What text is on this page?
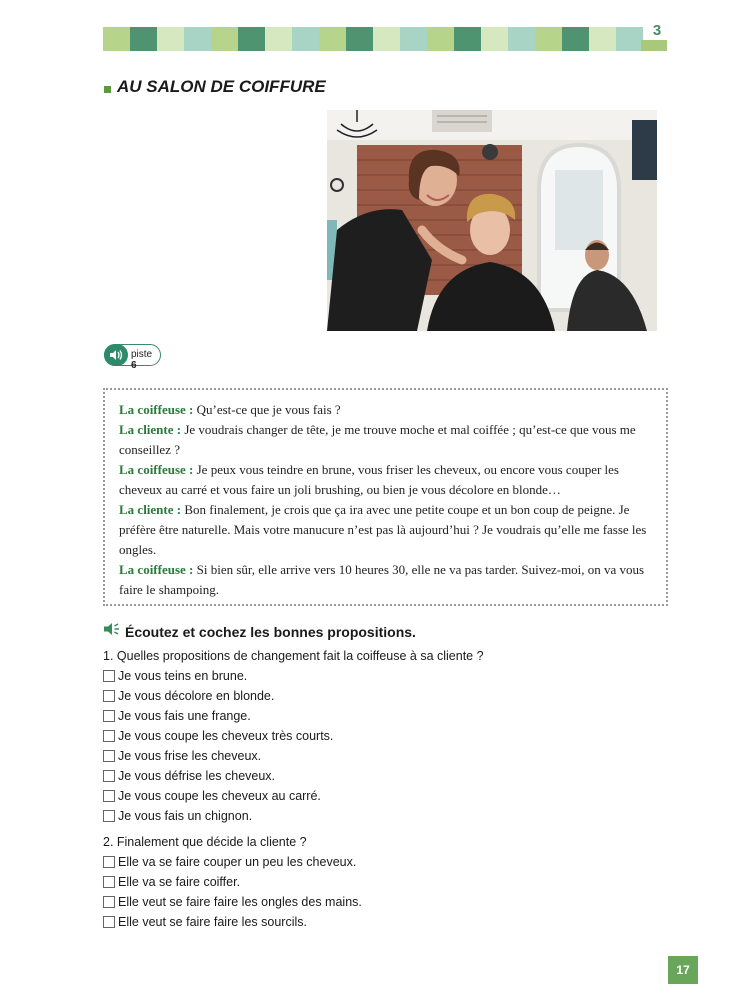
3
AU SALON DE COIFFURE
piste 6

La coiffeuse : Qu’est-ce que je vous fais ?

La cliente : Je voudrais changer de tête, je me trouve moche et mal coiffée ; qu’est-ce que vous me conseillez ?

La coiffeuse : Je peux vous teindre en brune, vous friser les cheveux, ou encore vous couper les cheveux au carré et vous faire un joli brushing, ou bien je vous décolore en blonde…

La cliente : Bon finalement, je crois que ça ira avec une petite coupe et un bon coup de peigne. Je préfère être naturelle. Mais votre manucure n’est pas là aujourd’hui ? Je voudrais qu’elle me fasse les ongles.

La coiffeuse : Si bien sûr, elle arrive vers 10 heures 30, elle ne va pas tarder. Suivez-moi, on va vous faire le shampoing.

Écoutez et cochez les bonnes propositions.
1. Quelles propositions de changement fait la coiffeuse à sa cliente ?
Je vous teins en brune.
Je vous décolore en blonde.
Je vous fais une frange.
Je vous coupe les cheveux très courts.
Je vous frise les cheveux.
Je vous défrise les cheveux.
Je vous coupe les cheveux au carré.
Je vous fais un chignon.
2. Finalement que décide la cliente ?
Elle va se faire couper un peu les cheveux.
Elle va se faire coiffer.
Elle veut se faire faire les ongles des mains.
Elle veut se faire faire les sourcils.
17
